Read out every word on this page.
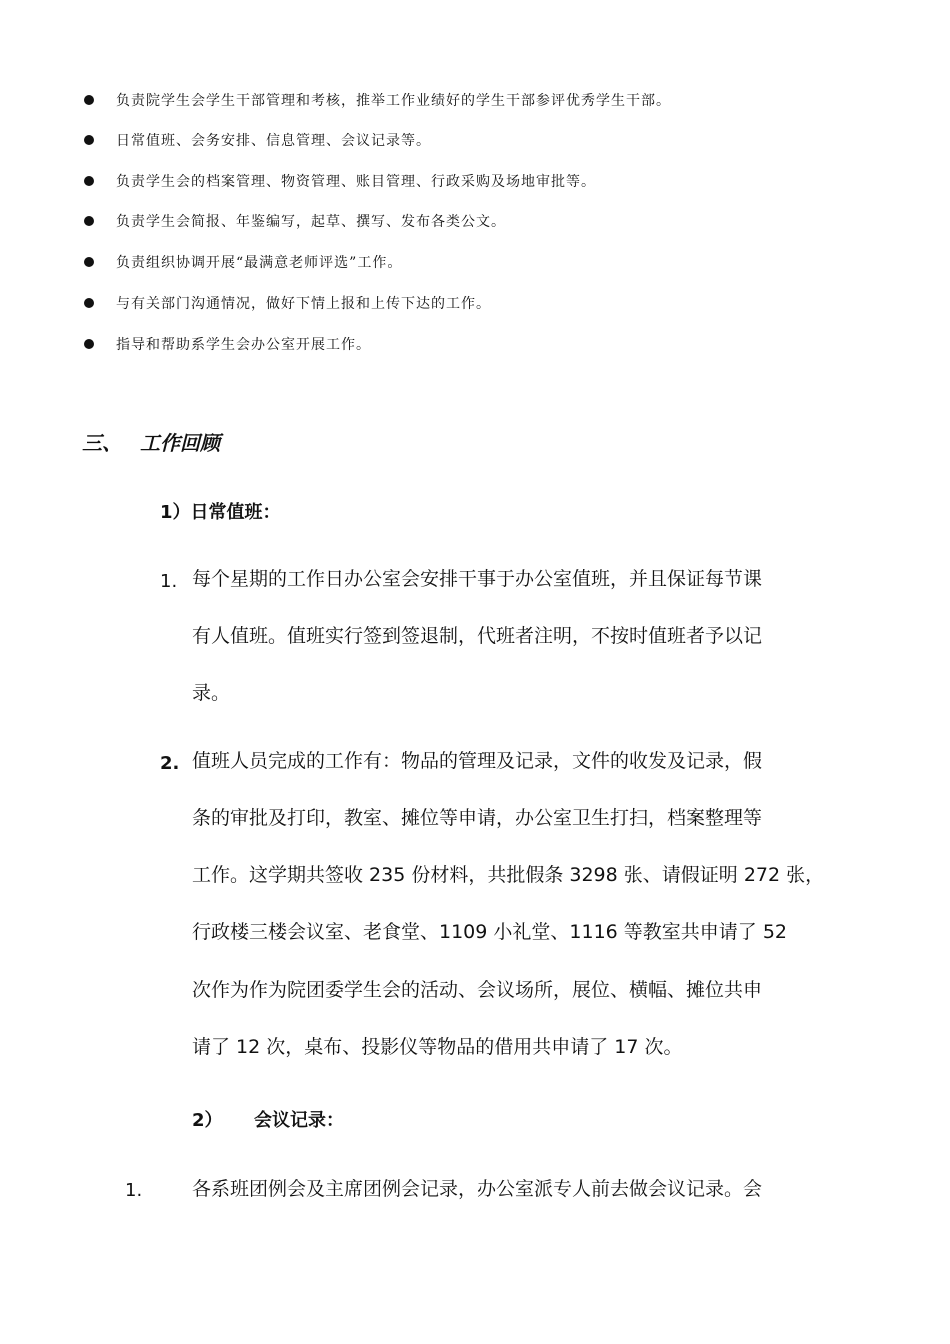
负责院学生会学生干部管理和考核，推举工作业绩好的学生干部参评优秀学生干部。
日常值班、会务安排、信息管理、会议记录等。
负责学生会的档案管理、物资管理、账目管理、行政采购及场地审批等。
负责学生会简报、年鉴编写，起草、撰写、发布各类公文。
负责组织协调开展“最满意老师评选”工作。
与有关部门沟通情况，做好下情上报和上传下达的工作。
指导和帮助系学生会办公室开展工作。
三、 工作回顾
1）日常值班：
1. 每个星期的工作日办公室会安排干事于办公室值班，并且保证每节课
有人值班。值班实行签到签退制，代班者注明，不按时值班者予以记
录。
2. 值班人员完成的工作有：物品的管理及记录，文件的收发及记录，假
条的审批及打印，教室、摊位等申请，办公室卫生打扫，档案整理等
工作。这学期共签收 235 份材料，共批假条 3298 张、请假证明 272 张，
行政楼三楼会议室、老食堂、1109 小礼堂、1116 等教室共申请了 52
次作为作为院团委学生会的活动、会议场所，展位、横幅、摊位共申
请了 12 次，桌布、投影仪等物品的借用共申请了 17 次。
2） 会议记录：
1.	各系班团例会及主席团例会记录，办公室派专人前去做会议记录。会
